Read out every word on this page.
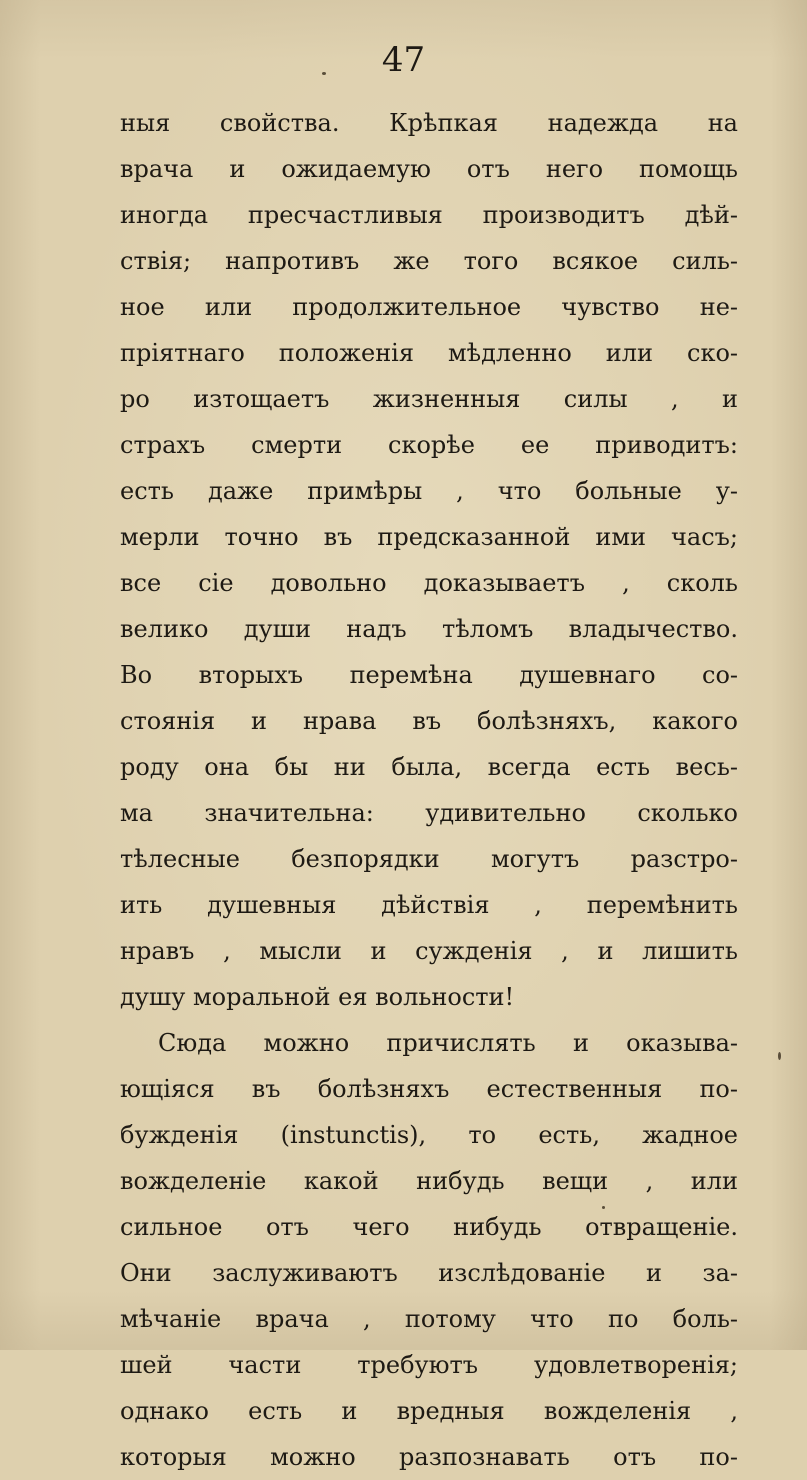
47
ныя свойства. Крѣпкая надежда на
врача и ожидаемую отъ него помощь
иногда пресчастливыя производитъ дѣй-
ствія; напротивъ же того всякое силь-
ное или продолжительное чувство не-
пріятнаго положенія мѣдленно или ско-
ро изтощаетъ жизненныя силы , и
страхъ смерти скорѣе ее приводитъ:
есть даже примѣры , что больные у-
мерли точно въ предсказанной ими часъ;
все сіе довольно доказываетъ , сколь
велико души надъ тѣломъ владычество.
Во вторыхъ перемѣна душевнаго со-
стоянія и нрава въ болѣзняхъ, какого
роду она бы ни была, всегда есть весь-
ма значительна: удивительно сколько
тѣлесные безпорядки могутъ разстро-
ить душевныя дѣйствія , перемѣнить
нравъ , мысли и сужденія , и лишить
душу моральной ея вольности!
Сюда можно причислять и оказыва-
ющіяся въ болѣзняхъ естественныя по-
бужденія (instunctis), то есть, жадное
вожделеніе какой нибудь вещи , или
сильное отъ чего нибудь отвращеніе.
Они заслуживаютъ изслѣдованіе и за-
мѣчаніе врача , потому что по боль-
шей части требуютъ удовлетворенія;
однако есть и вредныя вожделенія ,
которыя можно разпознавать отъ по-
